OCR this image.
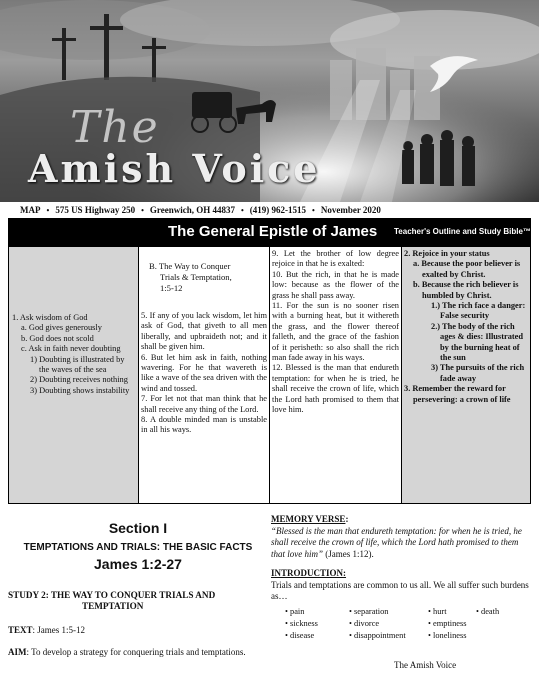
The
Amish Voice
MAP • 575 US Highway 250 • Greenwich, OH 44837 • (419) 962-1515 • November 2020
The General Epistle of James Teacher's Outline and Study Bible™
1. Ask wisdom of God
a. God gives generously
b. God does not scold
c. Ask in faith never doubting
1) Doubting is illustrated by the waves of the sea
2) Doubting receives nothing
3) Doubting shows instability
B. The Way to Conquer
Trials & Temptation,
1:5-12
5. If any of you lack wisdom, let him ask of God, that giveth to all men liberally, and upbraideth not; and it shall be given him.
6. But let him ask in faith, nothing wavering. For he that wavereth is like a wave of the sea driven with the wind and tossed.
7. For let not that man think that he shall receive any thing of the Lord.
8. A double minded man is unstable in all his ways.
9. Let the brother of low degree rejoice in that he is exalted:
10. But the rich, in that he is made low: because as the flower of the grass he shall pass away.
11. For the sun is no sooner risen with a burning heat, but it withereth the grass, and the flower thereof falleth, and the grace of the fashion of it perisheth: so also shall the rich man fade away in his ways.
12. Blessed is the man that endureth temptation: for when he is tried, he shall receive the crown of life, which the Lord hath promised to them that love him.
2. Rejoice in your status
a. Because the poor believer is exalted by Christ.
b. Because the rich believer is humbled by Christ.
1.) The rich face a danger: False security
2.) The body of the rich ages & dies: Illustrated by the burning heat of the sun
3) The pursuits of the rich fade away
3. Remember the reward for persevering: a crown of life
Section I
TEMPTATIONS AND TRIALS: THE BASIC FACTS
James 1:2-27
STUDY 2: THE WAY TO CONQUER TRIALS AND
TEMPTATION
TEXT: James 1:5-12
AIM: To develop a strategy for conquering trials and temptations.
MEMORY VERSE:
“Blessed is the man that endureth temptation: for when he is tried, he shall receive the crown of life, which the Lord hath promised to them that love him” (James 1:12).
INTRODUCTION:
Trials and temptations are common to us all. We all suffer such burdens as…
• pain	• separation	• hurt	• death
• sickness	• divorce	• emptiness
• disease	• disappointment	• loneliness
The Amish Voice
